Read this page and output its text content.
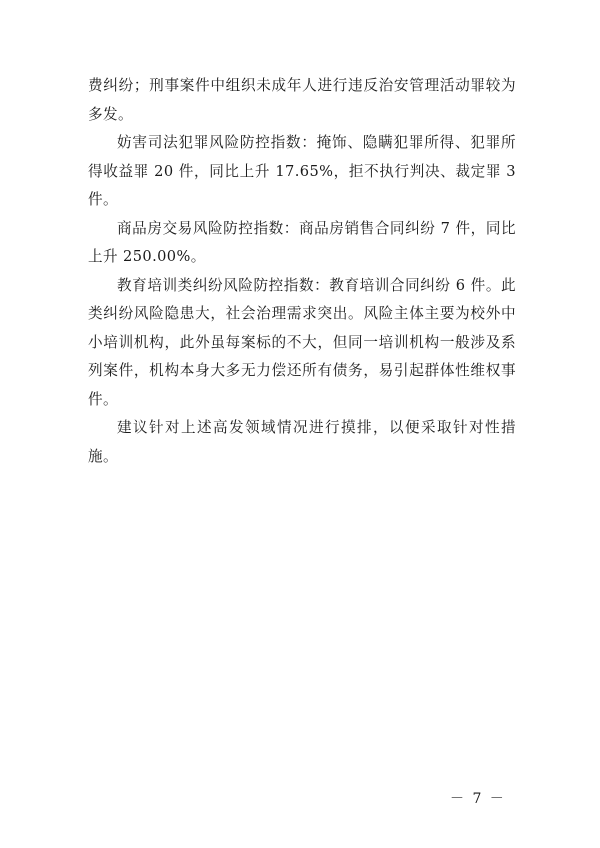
费纠纷；刑事案件中组织未成年人进行违反治安管理活动罪较为多发。

妨害司法犯罪风险防控指数：掩饰、隐瞒犯罪所得、犯罪所得收益罪 20 件，同比上升 17.65%，拒不执行判决、裁定罪 3 件。

商品房交易风险防控指数：商品房销售合同纠纷 7 件，同比上升 250.00%。

教育培训类纠纷风险防控指数：教育培训合同纠纷 6 件。此类纠纷风险隐患大，社会治理需求突出。风险主体主要为校外中小培训机构，此外虽每案标的不大，但同一培训机构一般涉及系列案件，机构本身大多无力偿还所有债务，易引起群体性维权事件。

建议针对上述高发领域情况进行摸排，以便采取针对性措施。

－ 7 －
